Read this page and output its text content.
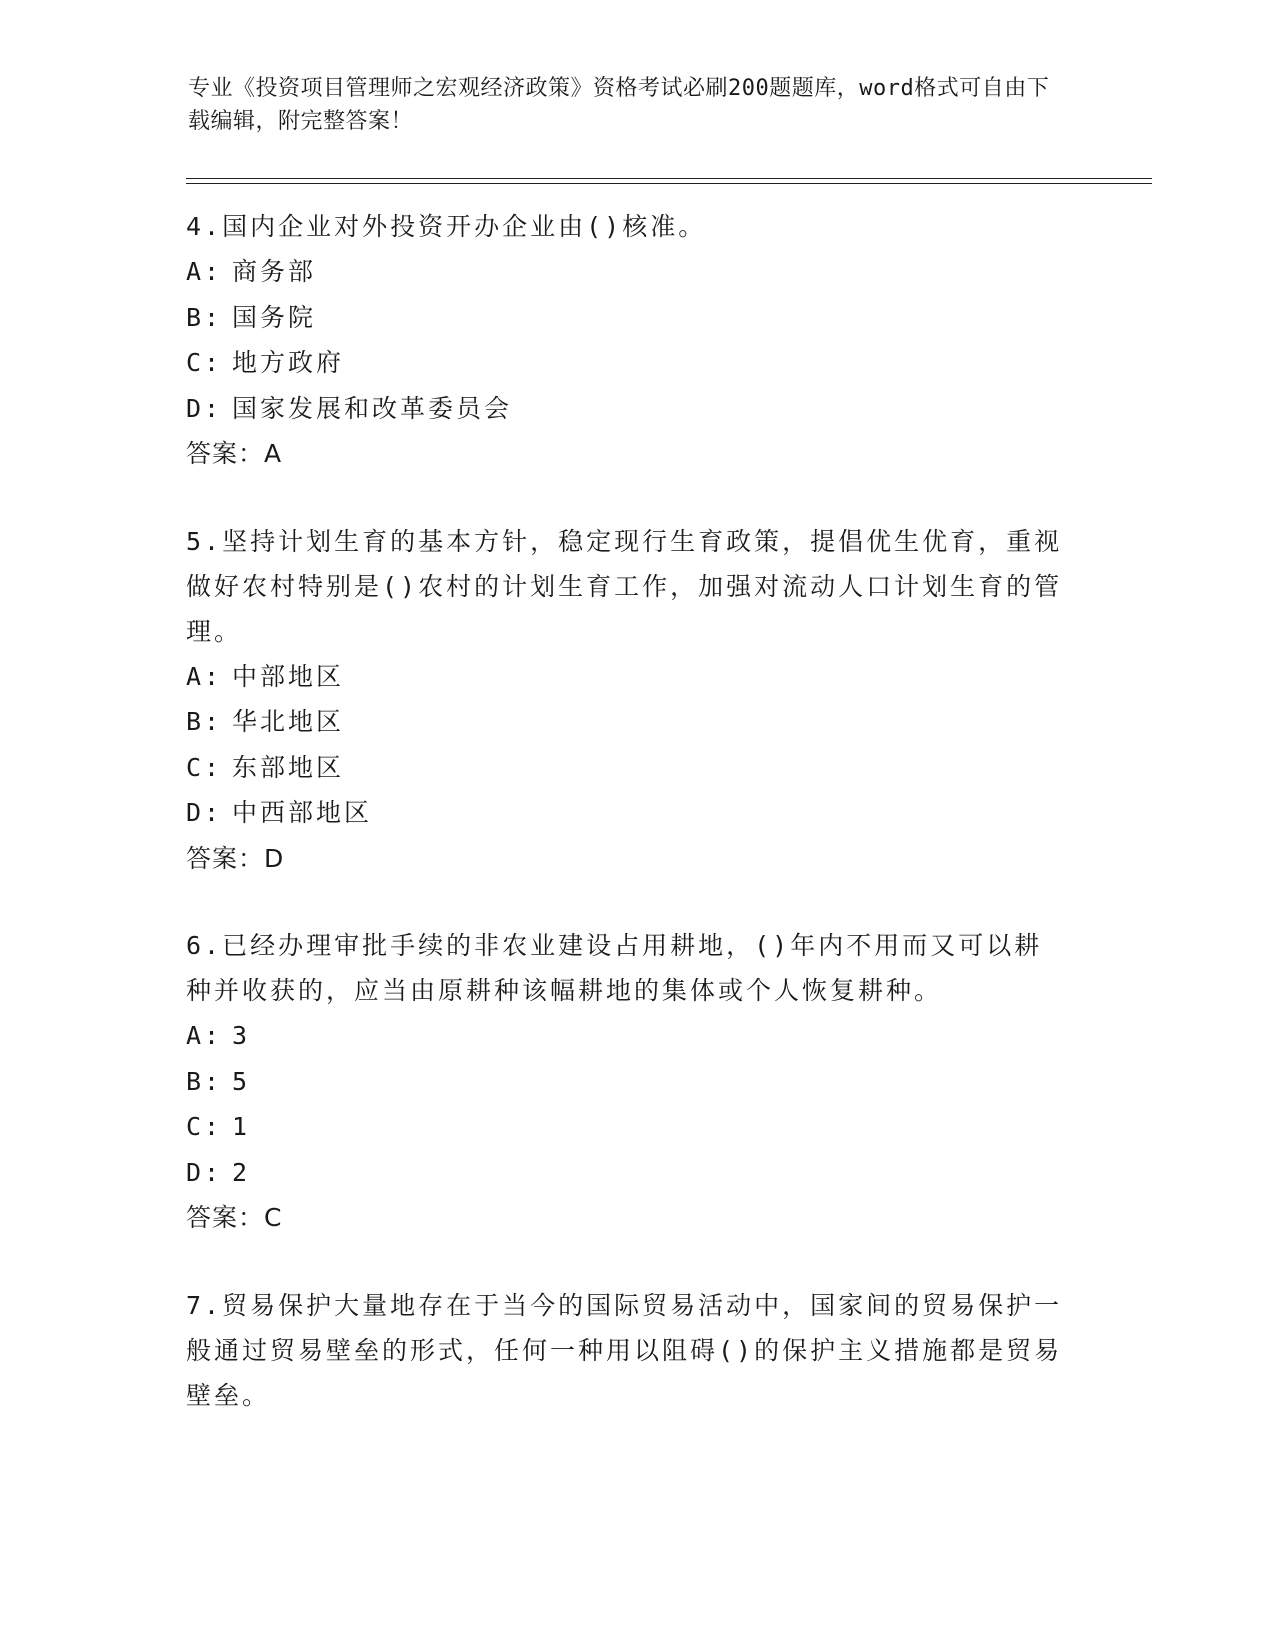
专业《投资项目管理师之宏观经济政策》资格考试必刷200题题库，word格式可自由下载编辑，附完整答案！
4.国内企业对外投资开办企业由()核准。
A: 商务部
B: 国务院
C: 地方政府
D: 国家发展和改革委员会
答案：A
5.坚持计划生育的基本方针，稳定现行生育政策，提倡优生优育，重视做好农村特别是()农村的计划生育工作，加强对流动人口计划生育的管理。
A: 中部地区
B: 华北地区
C: 东部地区
D: 中西部地区
答案：D
6.已经办理审批手续的非农业建设占用耕地，()年内不用而又可以耕种并收获的，应当由原耕种该幅耕地的集体或个人恢复耕种。
A: 3
B: 5
C: 1
D: 2
答案：C
7.贸易保护大量地存在于当今的国际贸易活动中，国家间的贸易保护一般通过贸易壁垒的形式，任何一种用以阻碍()的保护主义措施都是贸易壁垒。
